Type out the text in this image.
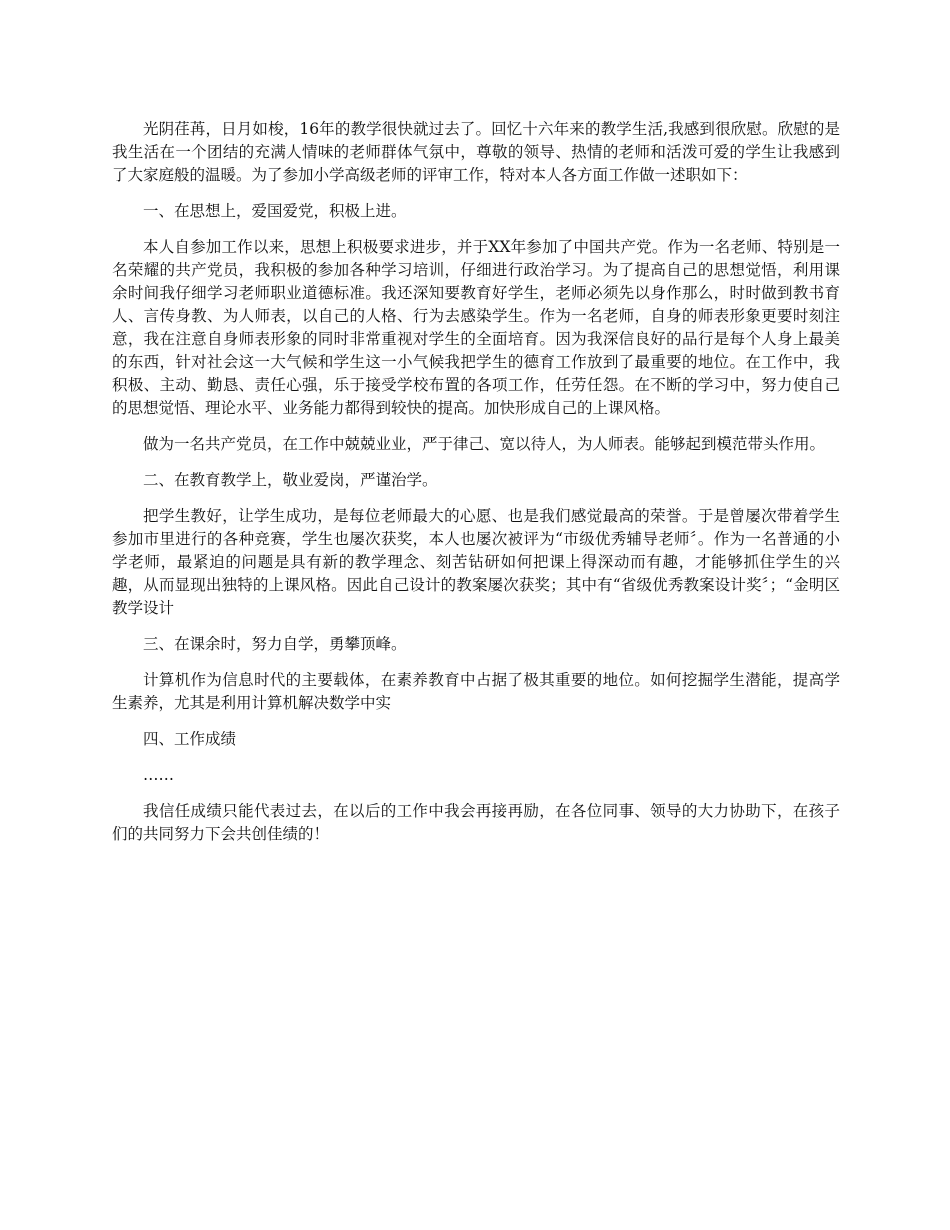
光阴荏苒，日月如梭，16年的教学很快就过去了。回忆十六年来的教学生活,我感到很欣慰。欣慰的是我生活在一个团结的充满人情味的老师群体气氛中，尊敬的领导、热情的老师和活泼可爱的学生让我感到了大家庭般的温暖。为了参加小学高级老师的评审工作，特对本人各方面工作做一述职如下：

一、在思想上，爱国爱党，积极上进。

本人自参加工作以来，思想上积极要求进步，并于XX年参加了中国共产党。作为一名老师、特别是一名荣耀的共产党员，我积极的参加各种学习培训，仔细进行政治学习。为了提高自己的思想觉悟，利用课余时间我仔细学习老师职业道德标准。我还深知要教育好学生，老师必须先以身作那么，时时做到教书育人、言传身教、为人师表，以自己的人格、行为去感染学生。作为一名老师，自身的师表形象更要时刻注意，我在注意自身师表形象的同时非常重视对学生的全面培育。因为我深信良好的品行是每个人身上最美的东西，针对社会这一大气候和学生这一小气候我把学生的德育工作放到了最重要的地位。在工作中，我积极、主动、勤恳、责任心强，乐于接受学校布置的各项工作，任劳任怨。在不断的学习中，努力使自己的思想觉悟、理论水平、业务能力都得到较快的提高。加快形成自己的上课风格。

做为一名共产党员，在工作中兢兢业业，严于律己、宽以待人，为人师表。能够起到模范带头作用。

二、在教育教学上，敬业爱岗，严谨治学。

把学生教好，让学生成功，是每位老师最大的心愿、也是我们感觉最高的荣誉。于是曾屡次带着学生参加市里进行的各种竞赛，学生也屡次获奖，本人也屡次被评为“市级优秀辅导老师〞。作为一名普通的小学老师，最紧迫的问题是具有新的教学理念、刻苦钻研如何把课上得深动而有趣，才能够抓住学生的兴趣，从而显现出独特的上课风格。因此自己设计的教案屡次获奖；其中有“省级优秀教案设计奖〞；“金明区教学设计

三、在课余时，努力自学，勇攀顶峰。

计算机作为信息时代的主要载体，在素养教育中占据了极其重要的地位。如何挖掘学生潜能，提高学生素养，尤其是利用计算机解决数学中实

四、工作成绩

……

我信任成绩只能代表过去，在以后的工作中我会再接再励，在各位同事、领导的大力协助下，在孩子们的共同努力下会共创佳绩的！
